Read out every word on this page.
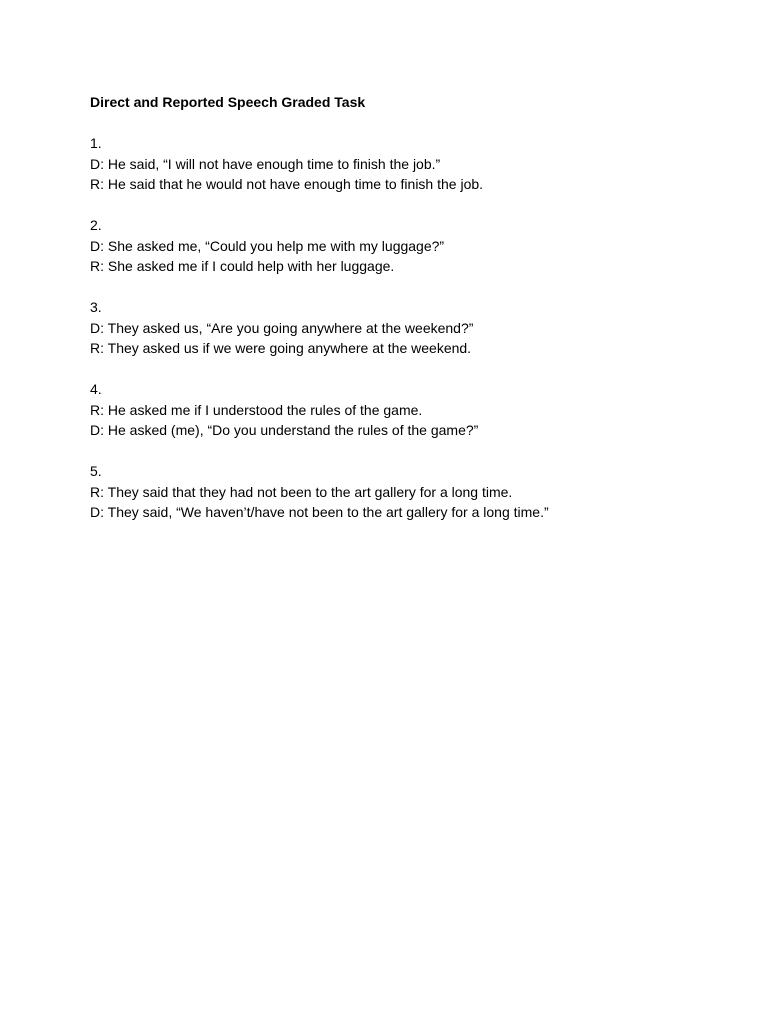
Direct and Reported Speech Graded Task
1.
D: He said, “I will not have enough time to finish the job.”
R: He said that he would not have enough time to finish the job.
2.
D: She asked me, “Could you help me with my luggage?”
R: She asked me if I could help with her luggage.
3.
D: They asked us, “Are you going anywhere at the weekend?”
R: They asked us if we were going anywhere at the weekend.
4.
R: He asked me if I understood the rules of the game.
D: He asked (me), “Do you understand the rules of the game?”
5.
R: They said that they had not been to the art gallery for a long time.
D: They said, “We haven’t/have not been to the art gallery for a long time.”
